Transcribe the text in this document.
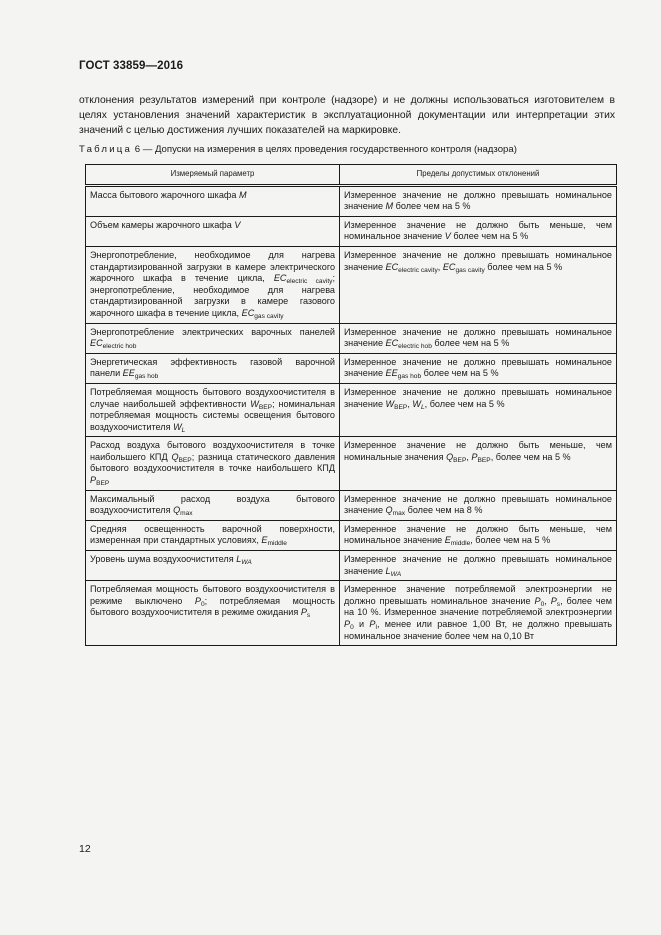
ГОСТ 33859—2016

отклонения результатов измерений при контроле (надзоре) и не должны использоваться изготовителем в целях установления значений характеристик в эксплуатационной документации или интерпретации этих значений с целью достижения лучших показателей на маркировке.

Таблица 6 — Допуски на измерения в целях проведения государственного контроля (надзора)
Измеряемый параметр	Пределы допустимых отклонений
Масса бытового жарочного шкафа M	Измеренное значение не должно превышать номинальное значение M более чем на 5 %
Объем камеры жарочного шкафа V	Измеренное значение не должно быть меньше, чем номинальное значение V более чем на 5 %
Энергопотребление, необходимое для нагрева стандартизированной загрузки в камере электрического жарочного шкафа в течение цикла, $EC_{electric cavity}$; энергопотребление, необходимое для нагрева стандартизированной загрузки в камере газового жарочного шкафа в течение цикла, $EC_{gas cavity}$	Измеренное значение не должно превышать номинальное значение $EC_{electric cavity}$, $EC_{gas cavity}$ более чем на 5 %
Энергопотребление электрических варочных панелей $EC_{electric hob}$	Измеренное значение не должно превышать номинальное значение $EC_{electric hob}$ более чем на 5 %
Энергетическая эффективность газовой варочной панели $EE_{gas hob}$	Измеренное значение не должно превышать номинальное значение $EE_{gas hob}$ более чем на 5 %
Потребляемая мощность бытового воздухоочистителя в случае наибольшей эффективности $W_{BEP}$; номинальная потребляемая мощность системы освещения бытового воздухоочистителя $W_L$	Измеренное значение не должно превышать номинальное значение $W_{BEP}$, $W_L$, более чем на 5 %
Расход воздуха бытового воздухоочистителя в точке наибольшего КПД $Q_{BEP}$; разница статического давления бытового воздухоочистителя в точке наибольшего КПД $P_{BEP}$	Измеренное значение не должно быть меньше, чем номинальные значения $Q_{BEP}$, $P_{BEP}$, более чем на 5 %
Максимальный расход воздуха бытового воздухоочистителя $Q_{max}$	Измеренное значение не должно превышать номинальное значение $Q_{max}$ более чем на 8 %
Средняя освещенность варочной поверхности, измеренная при стандартных условиях, $E_{middle}$	Измеренное значение не должно быть меньше, чем номинальное значение $E_{middle}$, более чем на 5 %
Уровень шума воздухоочистителя $L_{WA}$	Измеренное значение не должно превышать номинальное значение $L_{WA}$
Потребляемая мощность бытового воздухоочистителя в режиме выключено $P_0$; потребляемая мощность бытового воздухоочистителя в режиме ожидания $P_s$	Измеренное значение потребляемой электроэнергии не должно превышать номинальное значение $P_0$, $P_s$, более чем на 10 %. Измеренное значение потребляемой электроэнергии $P_0$ и $P_l$, менее или равное 1,00 Вт, не должно превышать номинальное значение более чем на 0,10 Вт
12
